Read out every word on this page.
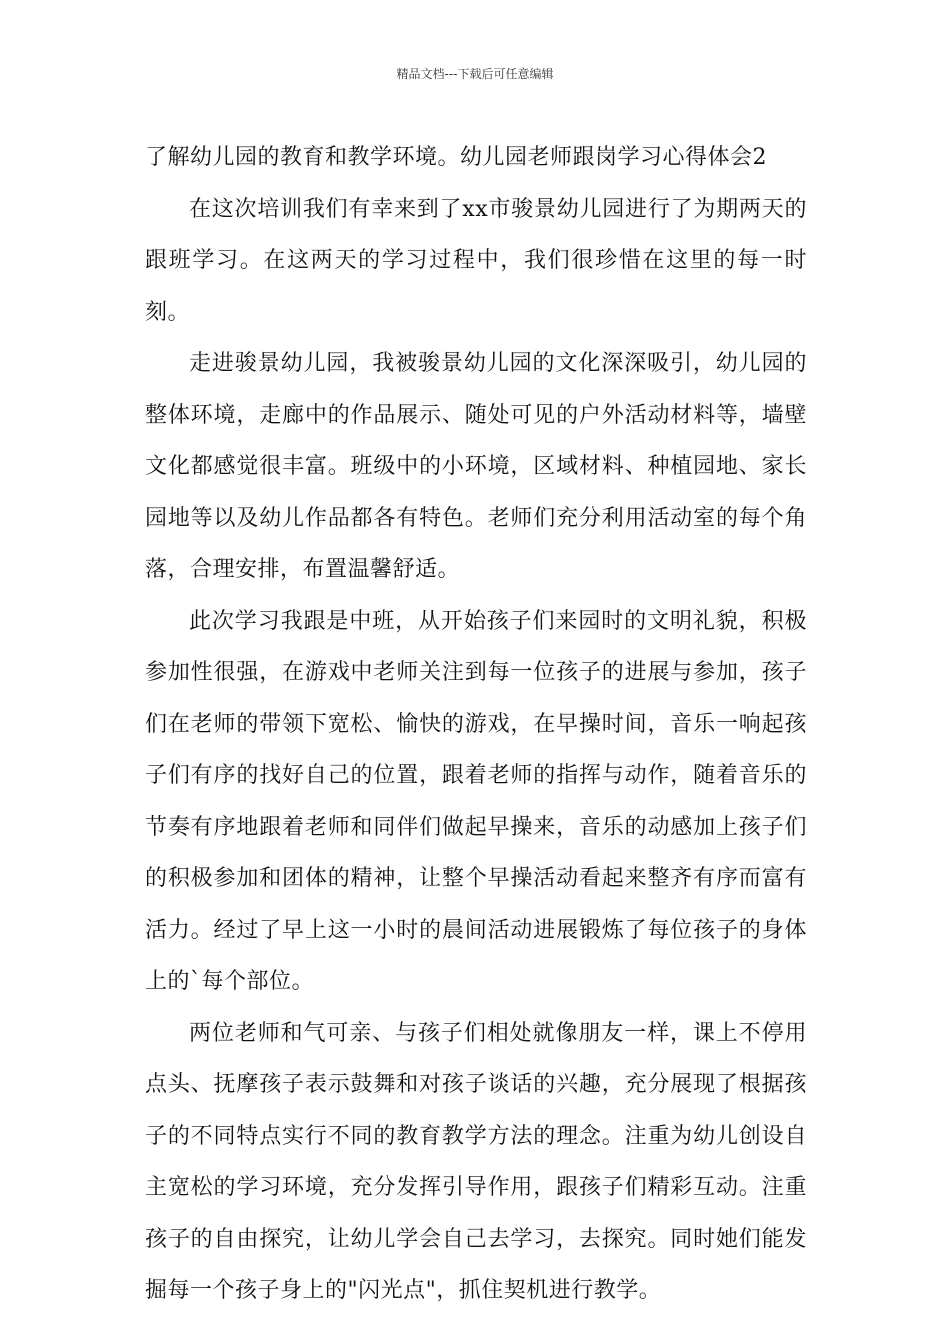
精品文档---下载后可任意编辑

了解幼儿园的教育和教学环境。幼儿园老师跟岗学习心得体会2

在这次培训我们有幸来到了xx市骏景幼儿园进行了为期两天的跟班学习。在这两天的学习过程中，我们很珍惜在这里的每一时刻。

走进骏景幼儿园，我被骏景幼儿园的文化深深吸引，幼儿园的整体环境，走廊中的作品展示、随处可见的户外活动材料等，墙壁文化都感觉很丰富。班级中的小环境，区域材料、种植园地、家长园地等以及幼儿作品都各有特色。老师们充分利用活动室的每个角落，合理安排，布置温馨舒适。

此次学习我跟是中班，从开始孩子们来园时的文明礼貌，积极参加性很强，在游戏中老师关注到每一位孩子的进展与参加，孩子们在老师的带领下宽松、愉快的游戏，在早操时间，音乐一响起孩子们有序的找好自己的位置，跟着老师的指挥与动作，随着音乐的节奏有序地跟着老师和同伴们做起早操来，音乐的动感加上孩子们的积极参加和团体的精神，让整个早操活动看起来整齐有序而富有活力。经过了早上这一小时的晨间活动进展锻炼了每位孩子的身体上的`每个部位。

两位老师和气可亲、与孩子们相处就像朋友一样，课上不停用点头、抚摩孩子表示鼓舞和对孩子谈话的兴趣，充分展现了根据孩子的不同特点实行不同的教育教学方法的理念。注重为幼儿创设自主宽松的学习环境，充分发挥引导作用，跟孩子们精彩互动。注重孩子的自由探究，让幼儿学会自己去学习，去探究。同时她们能发掘每一个孩子身上的"闪光点"，抓住契机进行教学。
